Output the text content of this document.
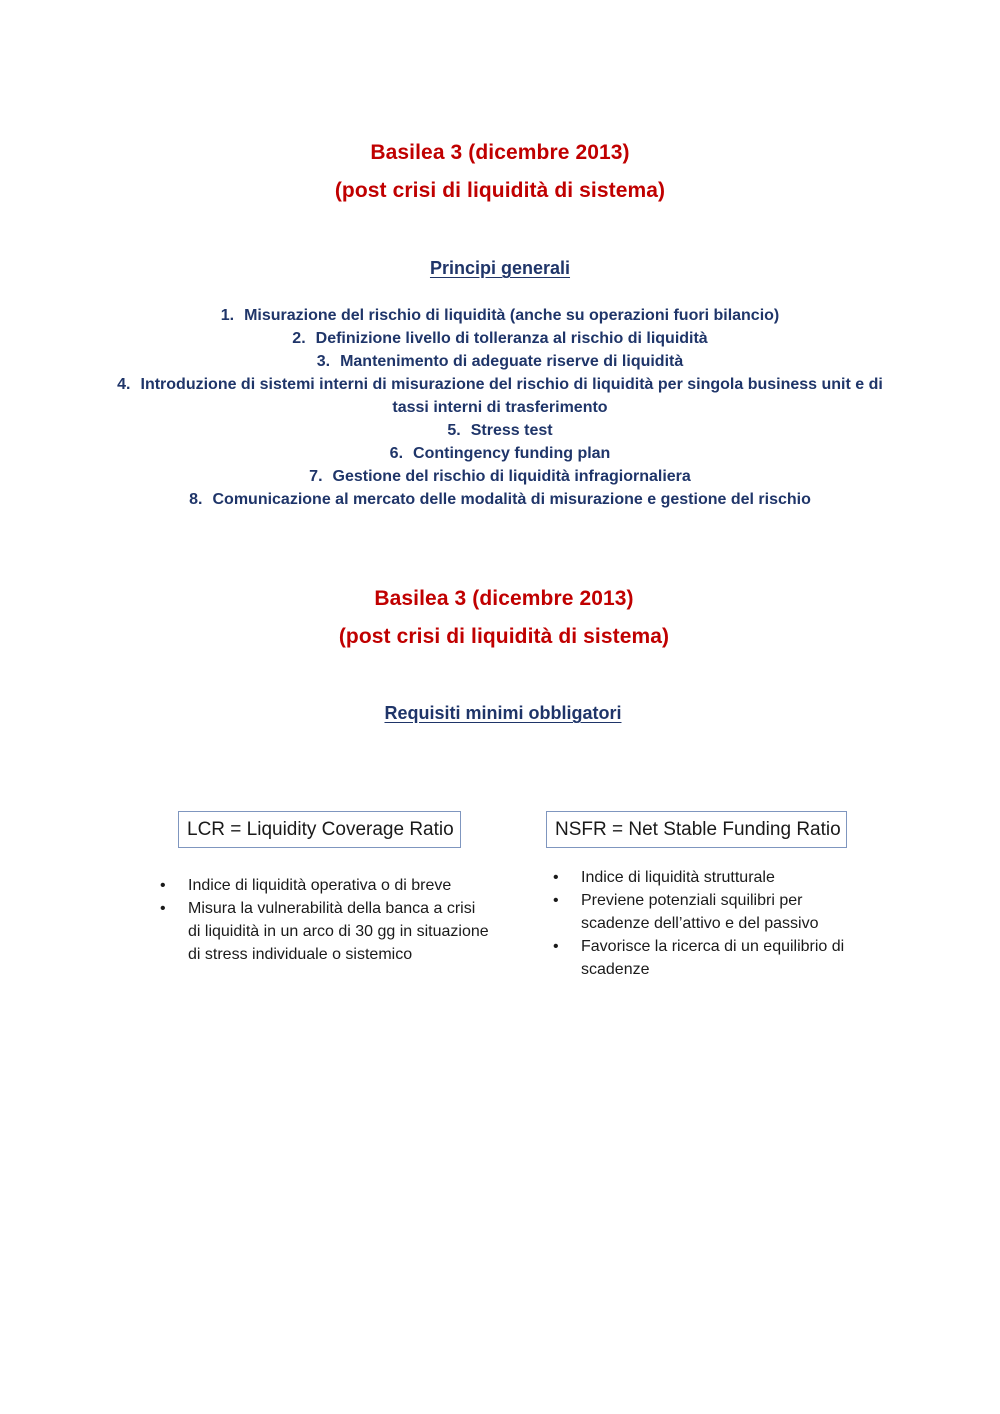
Basilea 3 (dicembre 2013)
(post crisi di liquidità di sistema)
Principi generali
1. Misurazione del rischio di liquidità (anche su operazioni fuori bilancio)
2. Definizione livello di tolleranza al rischio di liquidità
3. Mantenimento di adeguate riserve di liquidità
4. Introduzione di sistemi interni di misurazione del rischio di liquidità per singola business unit e di tassi interni di trasferimento
5. Stress test
6. Contingency funding plan
7. Gestione del rischio di liquidità infragiornaliera
8. Comunicazione al mercato delle modalità di misurazione e gestione del rischio
Basilea 3 (dicembre 2013)
(post crisi di liquidità di sistema)
Requisiti minimi obbligatori
LCR = Liquidity Coverage Ratio
• Indice di liquidità operativa o di breve
• Misura la vulnerabilità della banca a crisi di liquidità in un arco di 30 gg in situazione di stress individuale o sistemico
NSFR = Net Stable Funding Ratio
• Indice di liquidità strutturale
• Previene potenziali squilibri per scadenze dell’attivo e del passivo
• Favorisce la ricerca di un equilibrio di scadenze
